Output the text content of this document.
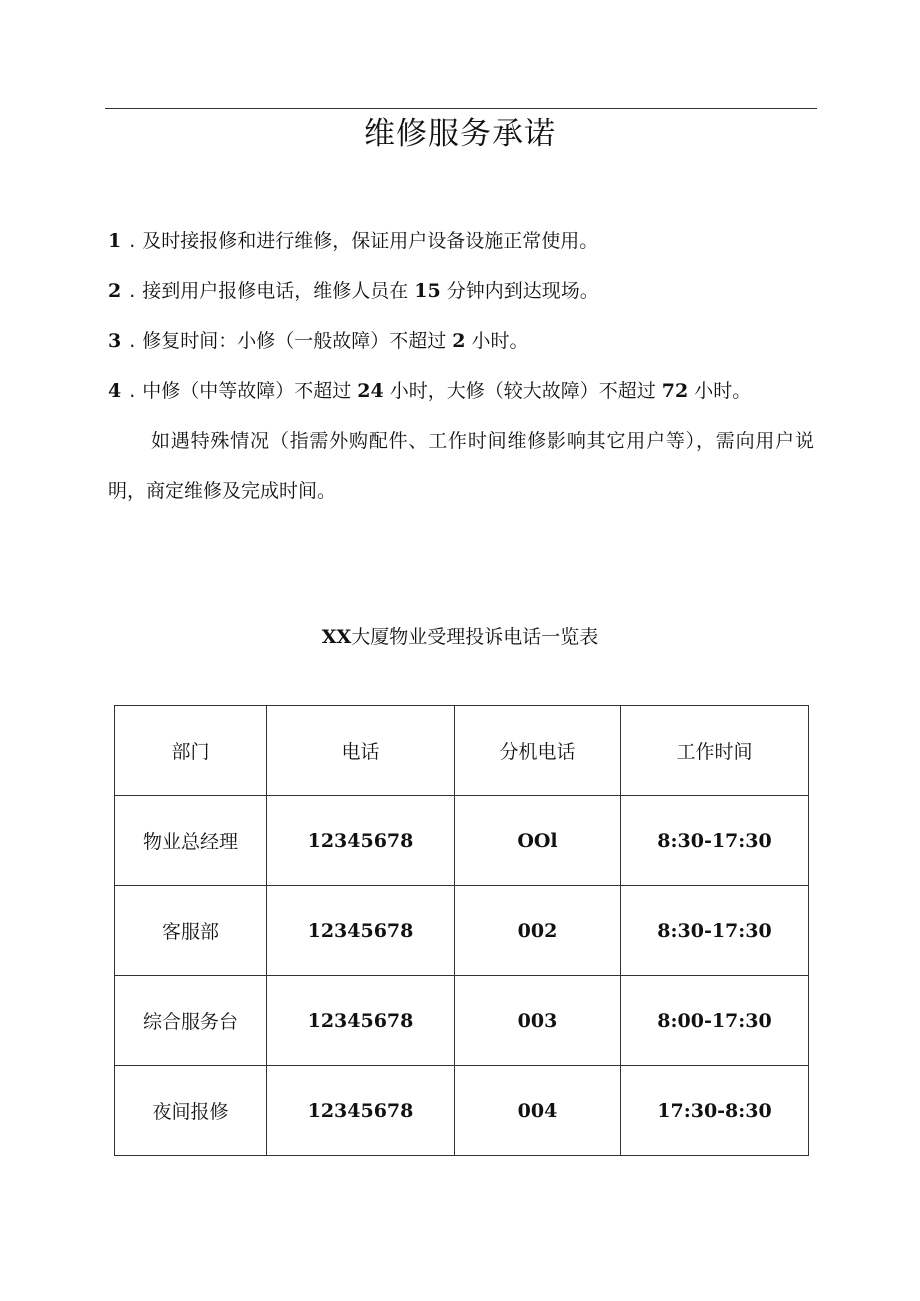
维修服务承诺
1 . 及时接报修和进行维修，保证用户设备设施正常使用。
2 . 接到用户报修电话，维修人员在 15 分钟内到达现场。
3 . 修复时间：小修（一般故障）不超过 2 小时。
4 . 中修（中等故障）不超过 24 小时，大修（较大故障）不超过 72 小时。
如遇特殊情况（指需外购配件、工作时间维修影响其它用户等），需向用户说明，商定维修及完成时间。
XX大厦物业受理投诉电话一览表
部门	电话	分机电话	工作时间
物业总经理	12345678	OOl	8:30-17:30
客服部	12345678	002	8:30-17:30
综合服务台	12345678	003	8:00-17:30
夜间报修	12345678	004	17:30-8:30
